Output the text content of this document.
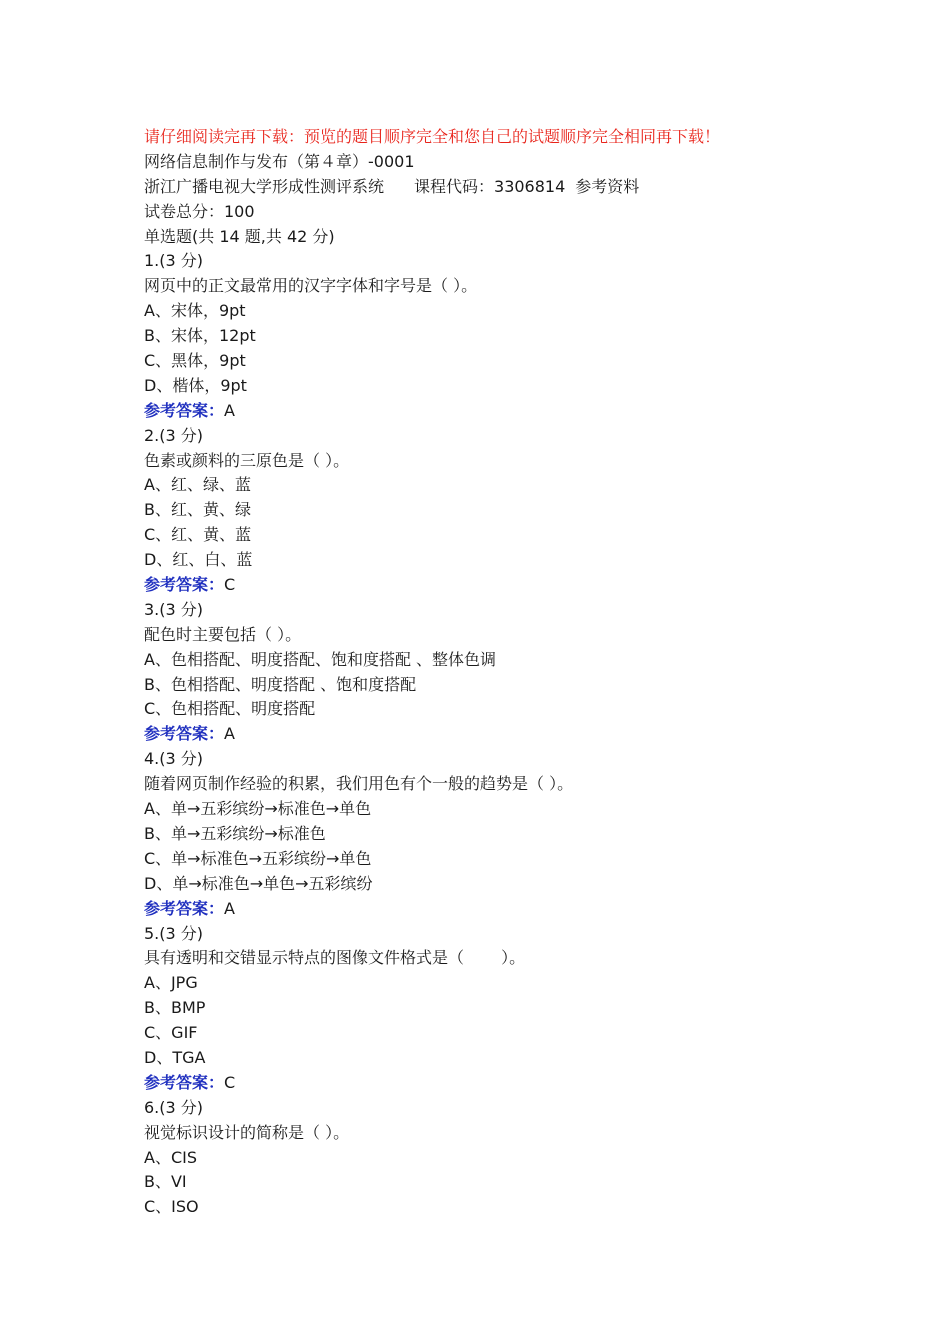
请仔细阅读完再下载：预览的题目顺序完全和您自己的试题顺序完全相同再下载！
网络信息制作与发布（第４章）-0001
浙江广播电视大学形成性测评系统 课程代码：3306814 参考资料
试卷总分：100
单选题(共 14 题,共 42 分)
1.(3 分)
网页中的正文最常用的汉字字体和字号是（ ）。
A、宋体，9pt
B、宋体，12pt
C、黑体，9pt
D、楷体，9pt
参考答案：A
2.(3 分)
色素或颜料的三原色是（ ）。
A、红、绿、蓝
B、红、黄、绿
C、红、黄、蓝
D、红、白、蓝
参考答案：C
3.(3 分)
配色时主要包括（ ）。
A、色相搭配、明度搭配、饱和度搭配 、整体色调
B、色相搭配、明度搭配 、饱和度搭配
C、色相搭配、明度搭配
参考答案：A
4.(3 分)
随着网页制作经验的积累，我们用色有个一般的趋势是（ ）。
A、单→五彩缤纷→标准色→单色
B、单→五彩缤纷→标准色
C、单→标准色→五彩缤纷→单色
D、单→标准色→单色→五彩缤纷
参考答案：A
5.(3 分)
具有透明和交错显示特点的图像文件格式是（　　 ）。
A、JPG
B、BMP
C、GIF
D、TGA
参考答案：C
6.(3 分)
视觉标识设计的简称是（ ）。
A、CIS
B、VI
C、ISO
